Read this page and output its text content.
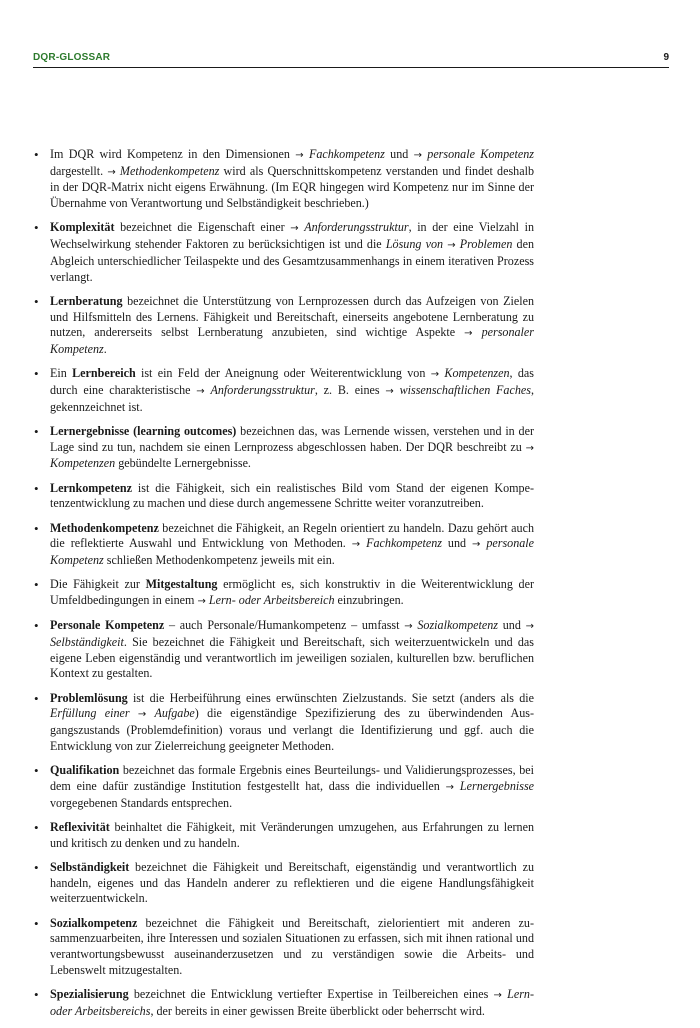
DQR-GLOSSAR	9
• Im DQR wird Kompetenz in den Dimensionen → Fachkompetenz und → personale Kompetenz dargestellt. → Methodenkompetenz wird als Querschnittskompetenz verstanden und findet deshalb in der DQR-Matrix nicht eigens Erwähnung. (Im EQR hingegen wird Kompetenz nur im Sinne der Übernahme von Verantwortung und Selbständigkeit beschrieben.)
• Komplexität bezeichnet die Eigenschaft einer → Anforderungsstruktur, in der eine Vielzahl in Wechselwirkung stehender Faktoren zu berücksichtigen ist und die Lösung von → Problemen den Abgleich unterschiedlicher Teilaspekte und des Gesamtzusammenhangs in einem iterativen Prozess verlangt.
• Lernberatung bezeichnet die Unterstützung von Lernprozessen durch das Aufzeigen von Zielen und Hilfsmitteln des Lernens. Fähigkeit und Bereitschaft, einerseits angebotene Lernberatung zu nutzen, andererseits selbst Lernberatung anzubieten, sind wichtige Aspekte → personaler Kompetenz.
• Ein Lernbereich ist ein Feld der Aneignung oder Weiterentwicklung von → Kompetenzen, das durch eine charakteristische → Anforderungsstruktur, z. B. eines → wissenschaftlichen Faches, gekennzeichnet ist.
• Lernergebnisse (learning outcomes) bezeichnen das, was Lernende wissen, verstehen und in der Lage sind zu tun, nachdem sie einen Lernprozess abgeschlossen haben. Der DQR beschreibt zu → Kompetenzen gebündelte Lernergebnisse.
• Lernkompetenz ist die Fähigkeit, sich ein realistisches Bild vom Stand der eigenen Kompetenzentwicklung zu machen und diese durch angemessene Schritte weiter voranzutreiben.
• Methodenkompetenz bezeichnet die Fähigkeit, an Regeln orientiert zu handeln. Dazu gehört auch die reflektierte Auswahl und Entwicklung von Methoden. → Fachkompetenz und → personale Kompetenz schließen Methodenkompetenz jeweils mit ein.
• Die Fähigkeit zur Mitgestaltung ermöglicht es, sich konstruktiv in die Weiterentwicklung der Umfeldbedingungen in einem → Lern- oder Arbeitsbereich einzubringen.
• Personale Kompetenz – auch Personale/Humankompetenz – umfasst → Sozialkompetenz und → Selbständigkeit. Sie bezeichnet die Fähigkeit und Bereitschaft, sich weiterzuentwickeln und das eigene Leben eigenständig und verantwortlich im jeweiligen sozialen, kulturellen bzw. beruflichen Kontext zu gestalten.
• Problemlösung ist die Herbeiführung eines erwünschten Zielzustands. Sie setzt (anders als die Erfüllung einer → Aufgabe) die eigenständige Spezifizierung des zu überwindenden Ausgangszustands (Problemdefinition) voraus und verlangt die Identifizierung und ggf. auch die Entwicklung von zur Zielerreichung geeigneter Methoden.
• Qualifikation bezeichnet das formale Ergebnis eines Beurteilungs- und Validierungsprozesses, bei dem eine dafür zuständige Institution festgestellt hat, dass die individuellen → Lernergebnisse vorgegebenen Standards entsprechen.
• Reflexivität beinhaltet die Fähigkeit, mit Veränderungen umzugehen, aus Erfahrungen zu lernen und kritisch zu denken und zu handeln.
• Selbständigkeit bezeichnet die Fähigkeit und Bereitschaft, eigenständig und verantwortlich zu handeln, eigenes und das Handeln anderer zu reflektieren und die eigene Handlungsfähigkeit weiterzuentwickeln.
• Sozialkompetenz bezeichnet die Fähigkeit und Bereitschaft, zielorientiert mit anderen zusammenzuarbeiten, ihre Interessen und sozialen Situationen zu erfassen, sich mit ihnen rational und verantwortungsbewusst auseinanderzusetzen und zu verständigen sowie die Arbeits- und Lebenswelt mitzugestalten.
• Spezialisierung bezeichnet die Entwicklung vertiefter Expertise in Teilbereichen eines → Lern- oder Arbeitsbereichs, der bereits in einer gewissen Breite überblickt oder beherrscht wird.
